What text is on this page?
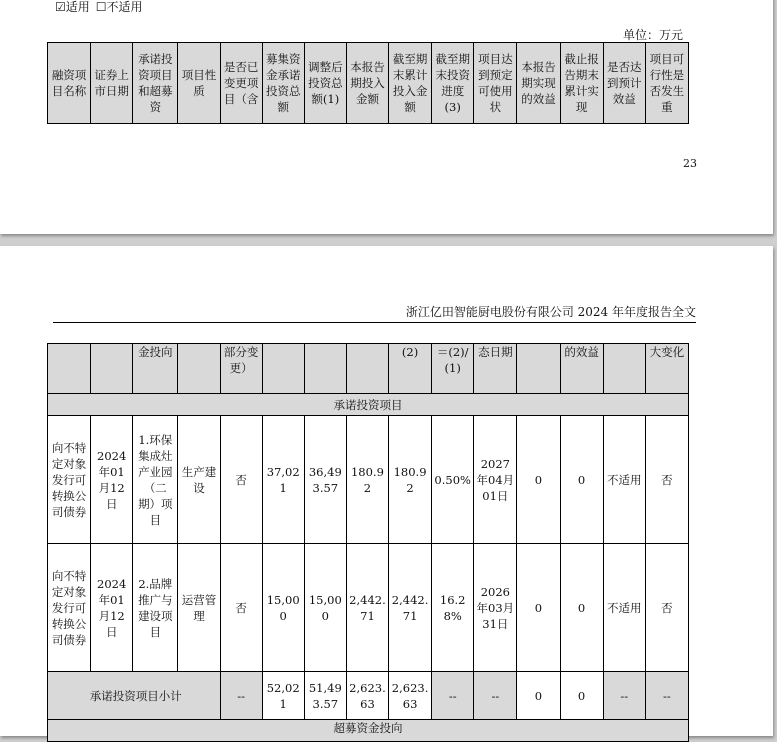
☑适用 ☐不适用
单位：万元
融资项目名称	证券上市日期	承诺投资项目和超募资	项目性质	是否已变更项目（含	募集资金承诺投资总额	调整后投资总额(1)	本报告期投入金额	截至期末累计投入金额	截至期末投资进度(3)	项目达到预定可使用状	本报告期实现的效益	截止报告期末累计实现	是否达到预计效益	项目可行性是否发生重
23
浙江亿田智能厨电股份有限公司 2024 年年度报告全文
		金投向		部分变更）				(2)	＝(2)/(1)	态日期		的效益		大变化
承诺投资项目														
向不特定对象发行可转换公司债券	2024年01月12日	1.环保集成灶产业园（二期）项目	生产建设	否	37,021	36,493.57	180.92	180.92	0.50%	2027年04月01日	0	0	不适用	否
向不特定对象发行可转换公司债券	2024年01月12日	2.品牌推广与建设项目	运营管理	否	15,000	15,000	2,442.71	2,442.71	16.28%	2026年03月31日	0	0	不适用	否
承诺投资项目小计				--	52,021	51,493.57	2,623.63	2,623.63	--	--	0	0	--	--
超募资金投向														
